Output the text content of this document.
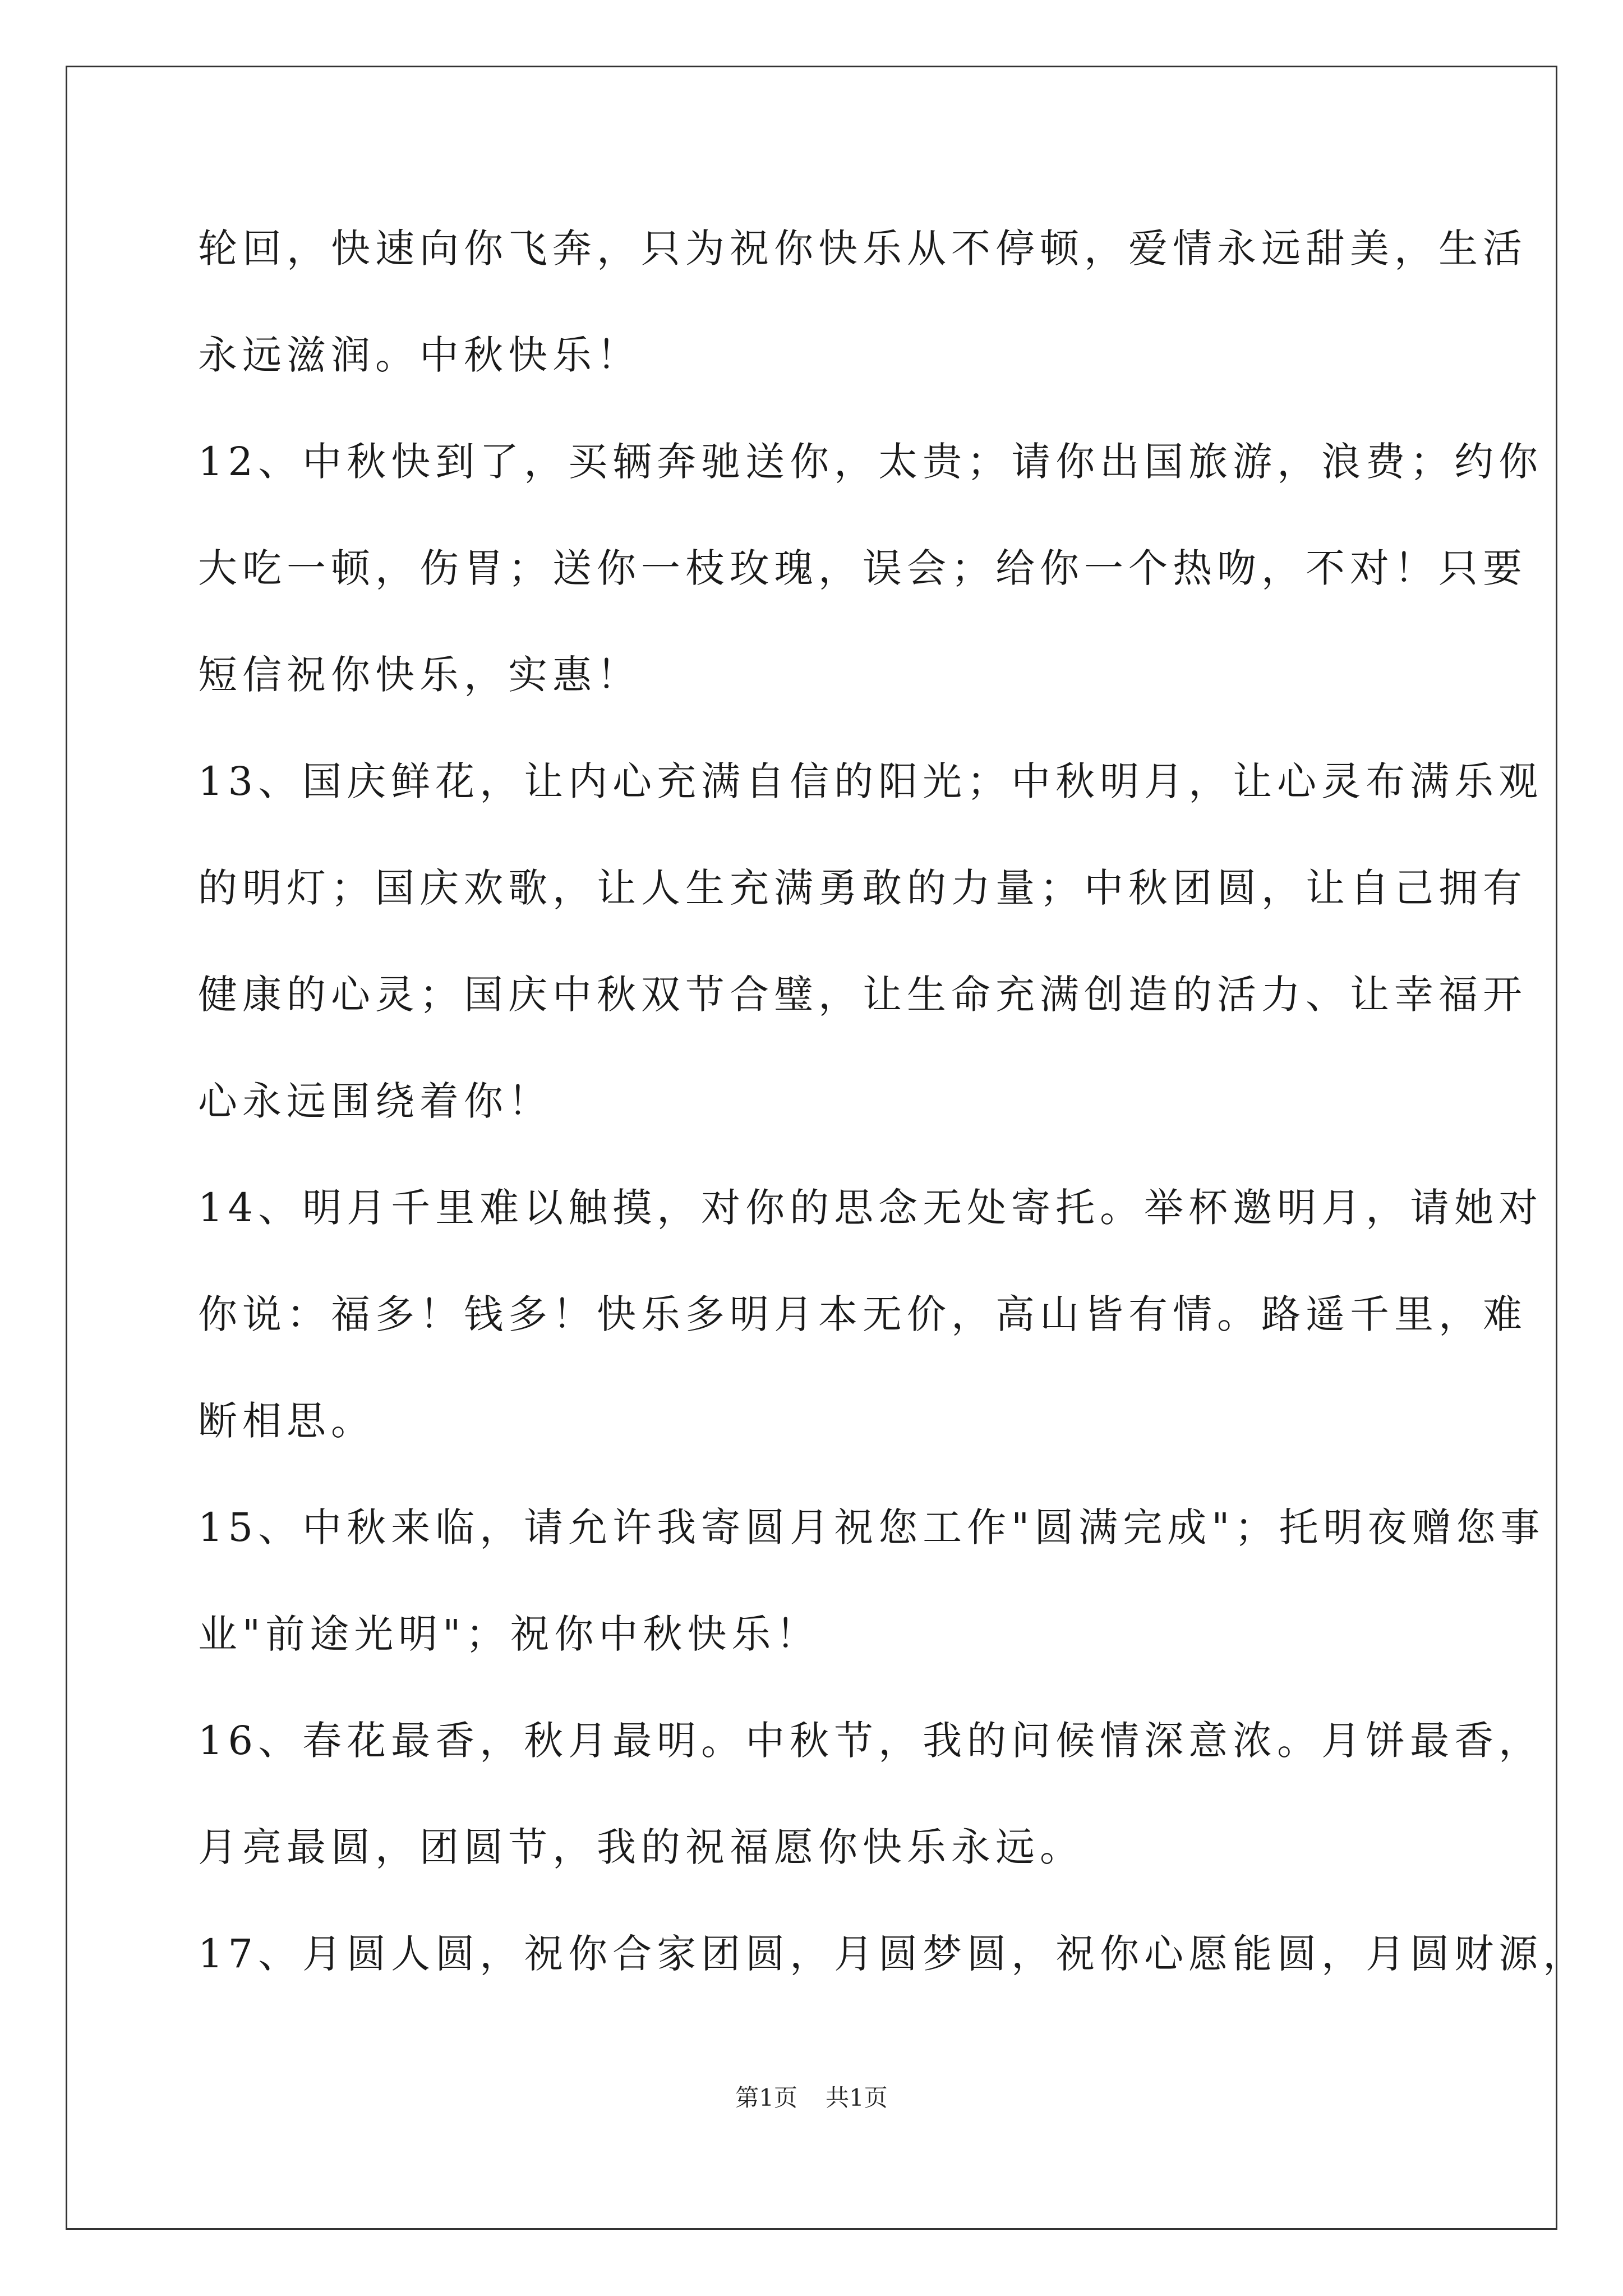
轮回，快速向你飞奔，只为祝你快乐从不停顿，爱情永远甜美，生活
永远滋润。中秋快乐！
12、中秋快到了，买辆奔驰送你，太贵；请你出国旅游，浪费；约你
大吃一顿，伤胃；送你一枝玫瑰，误会；给你一个热吻，不对！只要
短信祝你快乐，实惠！
13、国庆鲜花，让内心充满自信的阳光；中秋明月，让心灵布满乐观
的明灯；国庆欢歌，让人生充满勇敢的力量；中秋团圆，让自己拥有
健康的心灵；国庆中秋双节合璧，让生命充满创造的活力、让幸福开
心永远围绕着你！
14、明月千里难以触摸，对你的思念无处寄托。举杯邀明月，请她对
你说：福多！钱多！快乐多明月本无价，高山皆有情。路遥千里，难
断相思。
15、中秋来临，请允许我寄圆月祝您工作"圆满完成"；托明夜赠您事
业"前途光明"；祝你中秋快乐！
16、春花最香，秋月最明。中秋节，我的问候情深意浓。月饼最香，
月亮最圆，团圆节，我的祝福愿你快乐永远。
17、月圆人圆，祝你合家团圆，月圆梦圆，祝你心愿能圆，月圆财源，
第1页 共1页
